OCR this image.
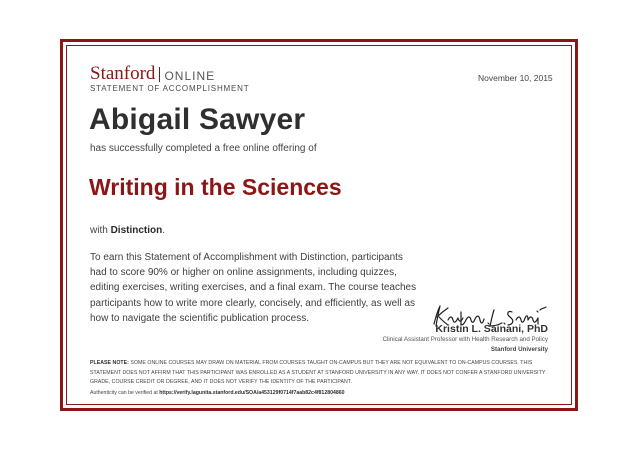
Stanford ONLINE
STATEMENT OF ACCOMPLISHMENT
November 10, 2015
Abigail Sawyer
has successfully completed a free online offering of
Writing in the Sciences
with Distinction.
To earn this Statement of Accomplishment with Distinction, participants had to score 90% or higher on online assignments, including quizzes, editing exercises, writing exercises, and a final exam. The course teaches participants how to write more clearly, concisely, and efficiently, as well as how to navigate the scientific publication process.
Kristin L. Sainani, PhD
Clinical Assistant Professor with Health Research and Policy
Stanford University
PLEASE NOTE: SOME ONLINE COURSES MAY DRAW ON MATERIAL FROM COURSES TAUGHT ON-CAMPUS BUT THEY ARE NOT EQUIVALENT TO ON-CAMPUS COURSES. THIS STATEMENT DOES NOT AFFIRM THAT THIS PARTICIPANT WAS ENROLLED AS A STUDENT AT STANFORD UNIVERSITY IN ANY WAY. IT DOES NOT CONFER A STANFORD UNIVERSITY GRADE, COURSE CREDIT OR DEGREE, AND IT DOES NOT VERIFY THE IDENTITY OF THE PARTICIPANT.
Authenticity can be verified at https://verify.lagunita.stanford.edu/SOA/a453129f0714f7aab82c4f812804860
